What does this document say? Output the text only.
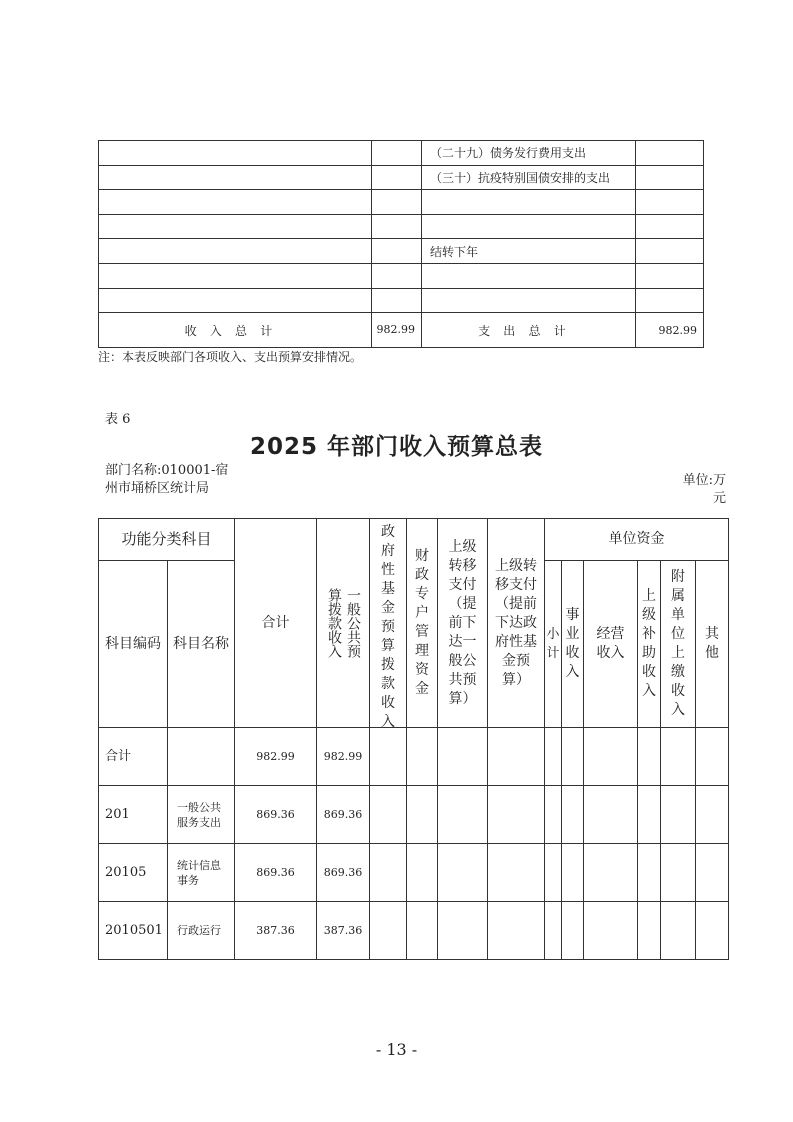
		（二十九）债务发行费用支出	
		（三十）抗疫特别国债安排的支出	

		结转下年	

收入总计	982.99	支出总计	982.99
注：本表反映部门各项收入、支出预算安排情况。
表 6
2025 年部门收入预算总表
部门名称:010001-宿州市埇桥区统计局
单位:万元
功能分类科目		合计	一般公共预算拨款收入	政府性基金预算拨款收入	财政专户管理资金	上级转移支付（提前下达一般公共预算）	上级转移支付（提前下达政府性基金预算）	单位资金					
科目编码	科目名称							小计	事业收入	经营收入	上级补助收入	附属单位上缴收入	其他

合计		982.99	982.99										
201	一般公共服务支出	869.36	869.36										
20105	统计信息事务	869.36	869.36										
2010501	行政运行	387.36	387.36										
- 13 -
